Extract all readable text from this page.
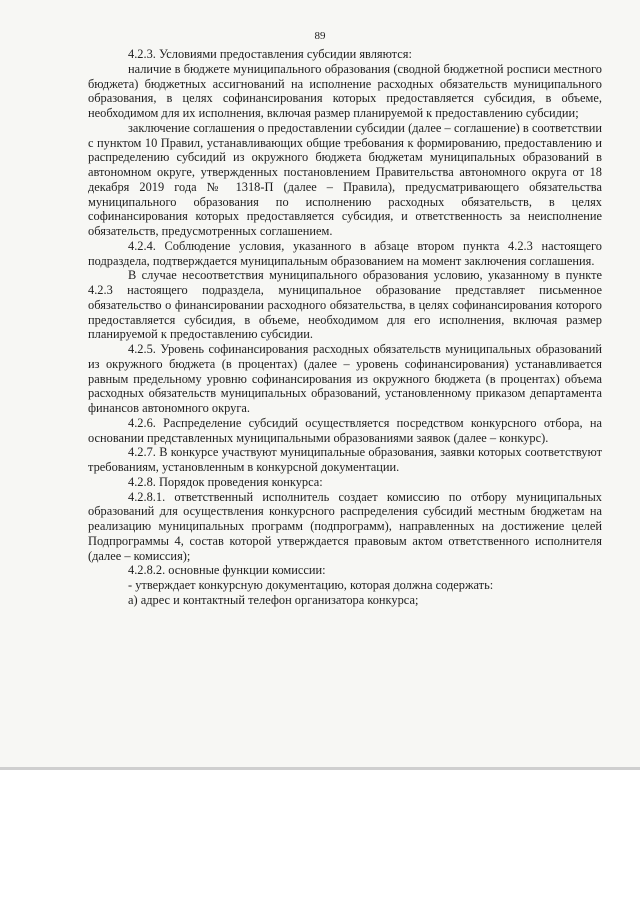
89

4.2.3. Условиями предоставления субсидии являются:

наличие в бюджете муниципального образования (сводной бюджетной росписи местного бюджета) бюджетных ассигнований на исполнение расходных обязательств муниципального образования, в целях софинансирования которых предоставляется субсидия, в объеме, необходимом для их исполнения, включая размер планируемой к предоставлению субсидии;

заключение соглашения о предоставлении субсидии (далее – соглашение) в соответствии с пунктом 10 Правил, устанавливающих общие требования к формированию, предоставлению и распределению субсидий из окружного бюджета бюджетам муниципальных образований в автономном округе, утвержденных постановлением Правительства автономного округа от 18 декабря 2019 года № 1318-П (далее – Правила), предусматривающего обязательства муниципального образования по исполнению расходных обязательств, в целях софинансирования которых предоставляется субсидия, и ответственность за неисполнение обязательств, предусмотренных соглашением.

4.2.4. Соблюдение условия, указанного в абзаце втором пункта 4.2.3 настоящего подраздела, подтверждается муниципальным образованием на момент заключения соглашения.

В случае несоответствия муниципального образования условию, указанному в пункте 4.2.3 настоящего подраздела, муниципальное образование представляет письменное обязательство о финансировании расходного обязательства, в целях софинансирования которого предоставляется субсидия, в объеме, необходимом для его исполнения, включая размер планируемой к предоставлению субсидии.

4.2.5. Уровень софинансирования расходных обязательств муниципальных образований из окружного бюджета (в процентах) (далее – уровень софинансирования) устанавливается равным предельному уровню софинансирования из окружного бюджета (в процентах) объема расходных обязательств муниципальных образований, установленному приказом департамента финансов автономного округа.

4.2.6. Распределение субсидий осуществляется посредством конкурсного отбора, на основании представленных муниципальными образованиями заявок (далее – конкурс).

4.2.7. В конкурсе участвуют муниципальные образования, заявки которых соответствуют требованиям, установленным в конкурсной документации.

4.2.8. Порядок проведения конкурса:

4.2.8.1. ответственный исполнитель создает комиссию по отбору муниципальных образований для осуществления конкурсного распределения субсидий местным бюджетам на реализацию муниципальных программ (подпрограмм), направленных на достижение целей Подпрограммы 4, состав которой утверждается правовым актом ответственного исполнителя (далее – комиссия);

4.2.8.2. основные функции комиссии:

- утверждает конкурсную документацию, которая должна содержать:

а) адрес и контактный телефон организатора конкурса;
